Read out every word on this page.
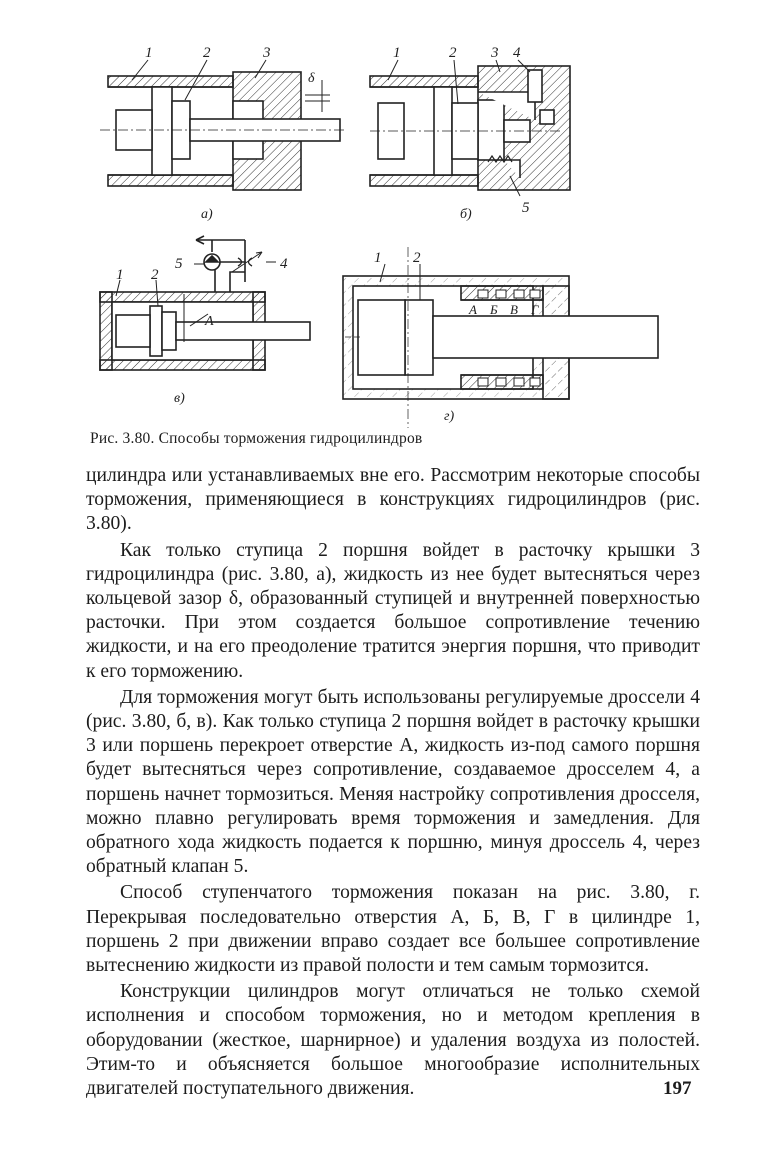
1	2	3
δ
а)
1	2 3 4
5
б)
5	4
1 2
A
в)
1 2
А Б В Г
г)
Рис. 3.80. Способы торможения гидроцилиндров

цилиндра или устанавливаемых вне его. Рассмотрим некоторые способы торможения, применяющиеся в конструкциях гидроцилиндров (рис. 3.80).

Как только ступица 2 поршня войдет в расточку крышки 3 гидроцилиндра (рис. 3.80, а), жидкость из нее будет вытесняться через кольцевой зазор δ, образованный ступицей и внутренней поверхностью расточки. При этом создается большое сопротивление течению жидкости, и на его преодоление тратится энергия поршня, что приводит к его торможению.

Для торможения могут быть использованы регулируемые дроссели 4 (рис. 3.80, б, в). Как только ступица 2 поршня войдет в расточку крышки 3 или поршень перекроет отверстие А, жидкость из-под самого поршня будет вытесняться через сопротивление, создаваемое дросселем 4, а поршень начнет тормозиться. Меняя настройку сопротивления дросселя, можно плавно регулировать время торможения и замедления. Для обратного хода жидкость подается к поршню, минуя дроссель 4, через обратный клапан 5.

Способ ступенчатого торможения показан на рис. 3.80, г. Перекрывая последовательно отверстия А, Б, В, Г в цилиндре 1, поршень 2 при движении вправо создает все большее сопротивление вытеснению жидкости из правой полости и тем самым тормозится.

Конструкции цилиндров могут отличаться не только схемой исполнения и способом торможения, но и методом крепления в оборудовании (жесткое, шарнирное) и удаления воздуха из полостей. Этим-то и объясняется большое многообразие исполнительных двигателей поступательного движения.	197
